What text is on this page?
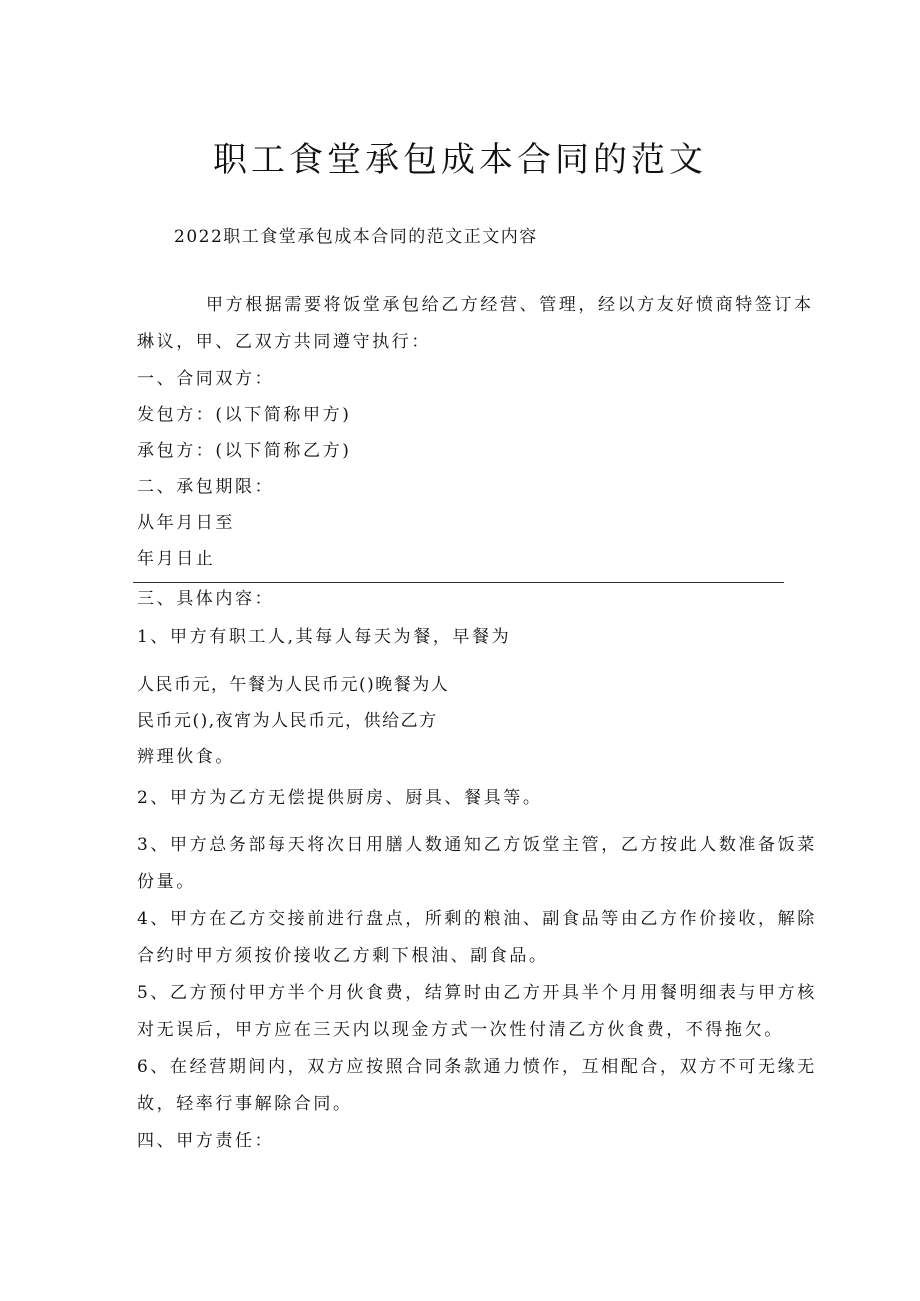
职工食堂承包成本合同的范文
2022职工食堂承包成本合同的范文正文内容
甲方根据需要将饭堂承包给乙方经营、管理，经以方友好愤商特签订本
琳议，甲、乙双方共同遵守执行：
一、合同双方：
发包方：(以下简称甲方)
承包方：(以下简称乙方)
二、承包期限：
从年月日至
年月日止
三、具体内容：
1、甲方有职工人,其每人每天为餐，早餐为
人民币元，午餐为人民币元()晚餐为人
民币元(),夜宵为人民币元，供给乙方
辨理伙食。
2、甲方为乙方无偿提供厨房、厨具、餐具等。
3、甲方总务部每天将次日用膳人数通知乙方饭堂主管，乙方按此人数准备饭菜
份量。
4、甲方在乙方交接前进行盘点，所剩的粮油、副食品等由乙方作价接收，解除
合约时甲方须按价接收乙方剩下根油、副食品。
5、乙方预付甲方半个月伙食费，结算时由乙方开具半个月用餐明细表与甲方核
对无误后，甲方应在三天内以现金方式一次性付清乙方伙食费，不得拖欠。
6、在经营期间内，双方应按照合同条款通力愤作，互相配合，双方不可无缘无
故，轻率行事解除合同。
四、甲方责任：
